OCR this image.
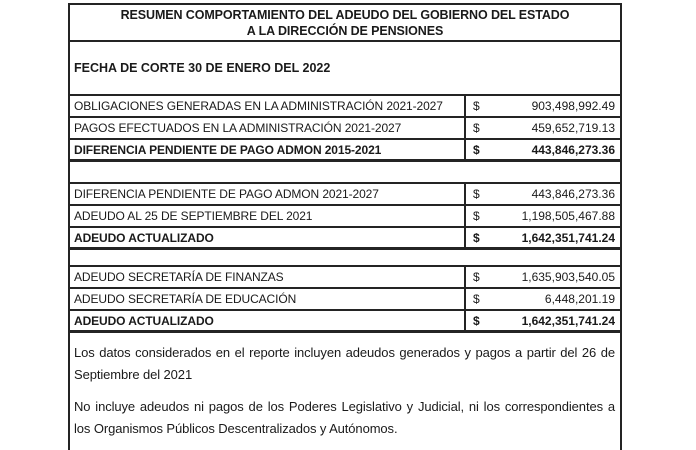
RESUMEN COMPORTAMIENTO DEL ADEUDO DEL GOBIERNO DEL ESTADO
A LA DIRECCIÓN DE PENSIONES
FECHA DE CORTE 30 DE ENERO DEL 2022
OBLIGACIONES GENERADAS EN LA ADMINISTRACIÓN 2021-2027	$	903,498,992.49
PAGOS EFECTUADOS EN LA ADMINISTRACIÓN 2021-2027	$	459,652,719.13
DIFERENCIA PENDIENTE DE PAGO ADMON 2015-2021	$	443,846,273.36
DIFERENCIA PENDIENTE DE PAGO ADMON 2021-2027	$	443,846,273.36
ADEUDO AL 25 DE SEPTIEMBRE DEL 2021	$	1,198,505,467.88
ADEUDO ACTUALIZADO	$	1,642,351,741.24
ADEUDO SECRETARÍA DE FINANZAS	$	1,635,903,540.05
ADEUDO SECRETARÍA DE EDUCACIÓN	$	6,448,201.19
ADEUDO ACTUALIZADO	$	1,642,351,741.24

Los datos considerados en el reporte incluyen adeudos generados y pagos a partir del 26 de Septiembre del 2021

No incluye adeudos ni pagos de los Poderes Legislativo y Judicial, ni los correspondientes a los Organismos Públicos Descentralizados y Autónomos.
